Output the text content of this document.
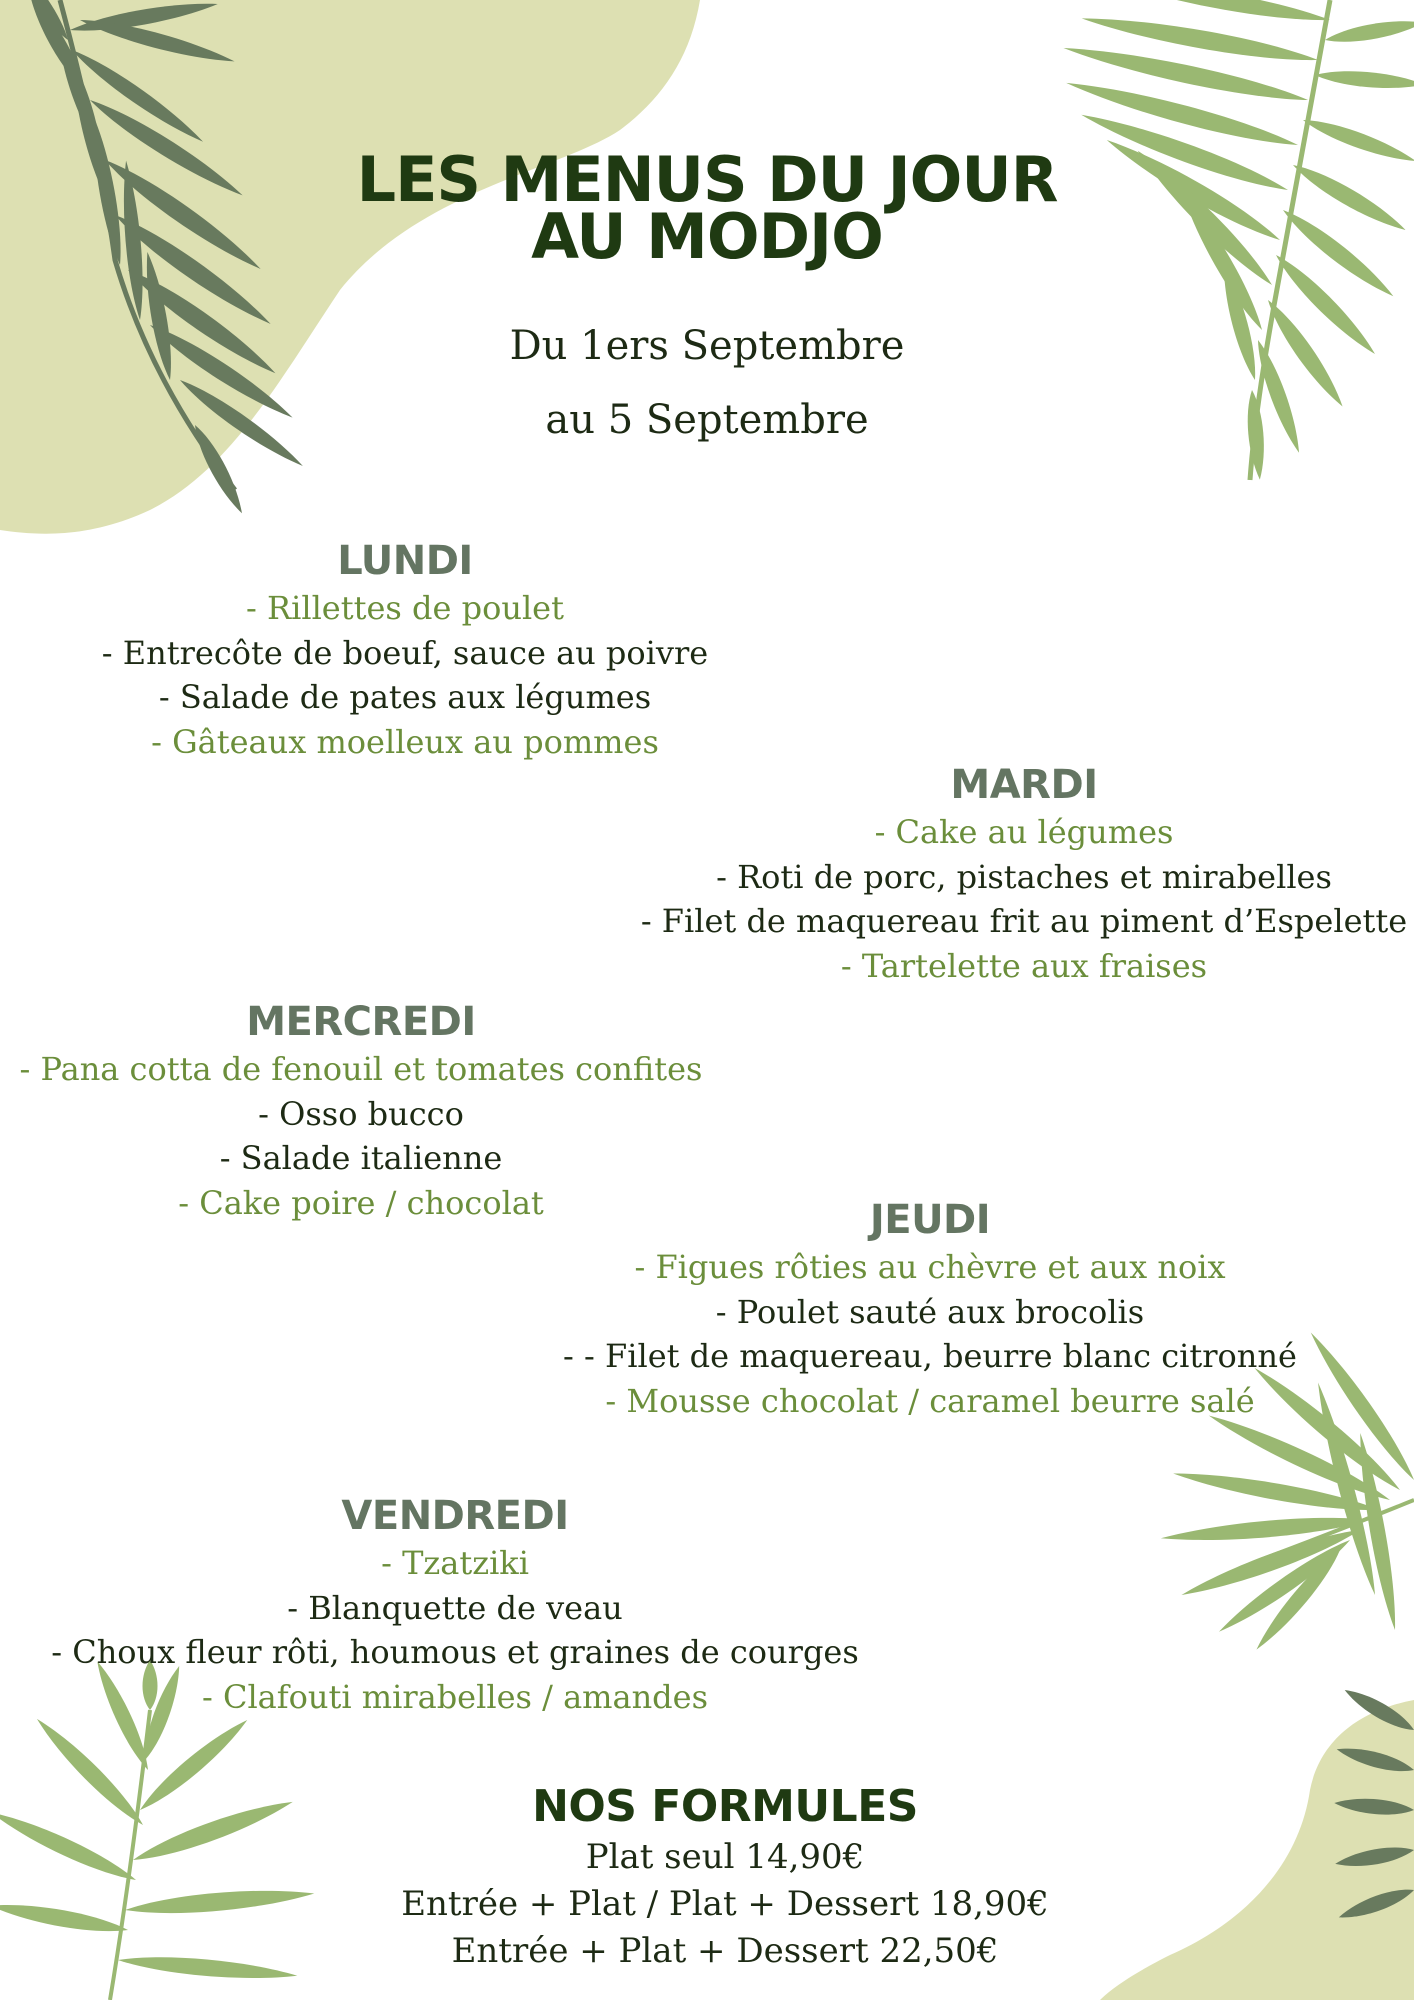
LES MENUS DU JOUR
AU MODJO
Du 1ers Septembre
au 5 Septembre
LUNDI
- Rillettes de poulet
- Entrecôte de boeuf, sauce au poivre
- Salade de pates aux légumes
- Gâteaux moelleux au pommes
MARDI
- Cake au légumes
- Roti de porc, pistaches et mirabelles
- Filet de maquereau frit au piment d’Espelette
- Tartelette aux fraises
MERCREDI
- Pana cotta de fenouil et tomates confites
- Osso bucco
- Salade italienne
- Cake poire / chocolat	JEUDI
- Figues rôties au chèvre et aux noix
- Poulet sauté aux brocolis
- - Filet de maquereau, beurre blanc citronné
- Mousse chocolat / caramel beurre salé
VENDREDI
- Tzatziki
- Blanquette de veau
- Choux fleur rôti, houmous et graines de courges
- Clafouti mirabelles / amandes
NOS FORMULES
Plat seul 14,90€
Entrée + Plat / Plat + Dessert 18,90€
Entrée + Plat + Dessert 22,50€
